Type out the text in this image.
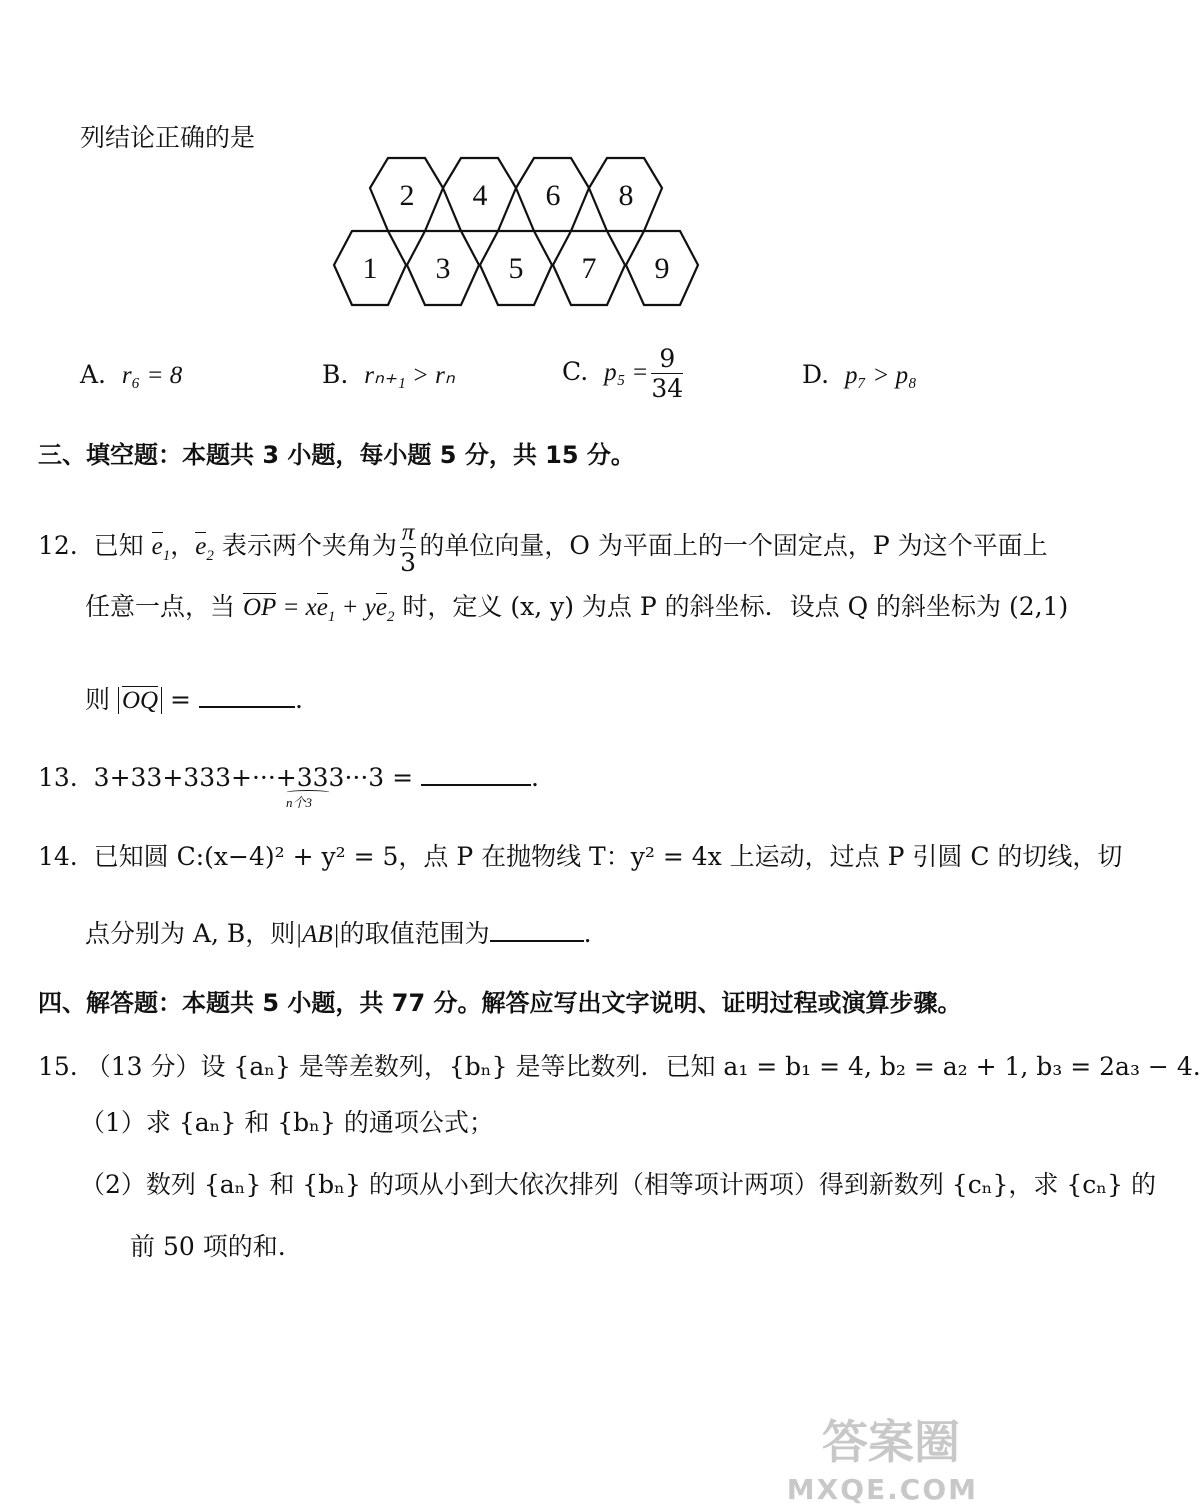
列结论正确的是
2 4 6 8
1 3 5 7 9
A. r₆ = 8	B. rₙ₊₁ > rₙ	C. $p_5 = \frac{9}{34}$	D. p₇ > p₈
三、填空题：本题共 3 小题，每小题 5 分，共 15 分。
12. 已知 $e_1$，$e_2$ 表示两个夹角为 $\frac{\pi}{3}$ 的单位向量，O 为平面上的一个固定点，P 为这个平面上
任意一点，当 OP = $xe_1 + ye_2$ 时，定义 (x, y) 为点 P 的斜坐标．设点 Q 的斜坐标为 (2,1)
则 OQ =	.
13. 3+33+333+···+333···3 =	.
n个3
14. 已知圆 C:(x−4)² + y² = 5，点 P 在抛物线 T：y² = 4x 上运动，过点 P 引圆 C 的切线，切
点分别为 A, B，则|AB|的取值范围为	.
四、解答题：本题共 5 小题，共 77 分。解答应写出文字说明、证明过程或演算步骤。
15. （13 分）设 {aₙ} 是等差数列，{bₙ} 是等比数列．已知 a₁ = b₁ = 4, b₂ = a₂ + 1, b₃ = 2a₃ − 4.
（1）求 {aₙ} 和 {bₙ} 的通项公式；
（2）数列 {aₙ} 和 {bₙ} 的项从小到大依次排列（相等项计两项）得到新数列 {cₙ}，求 {cₙ} 的
前 50 项的和.
答案圈
MXQE.COM
